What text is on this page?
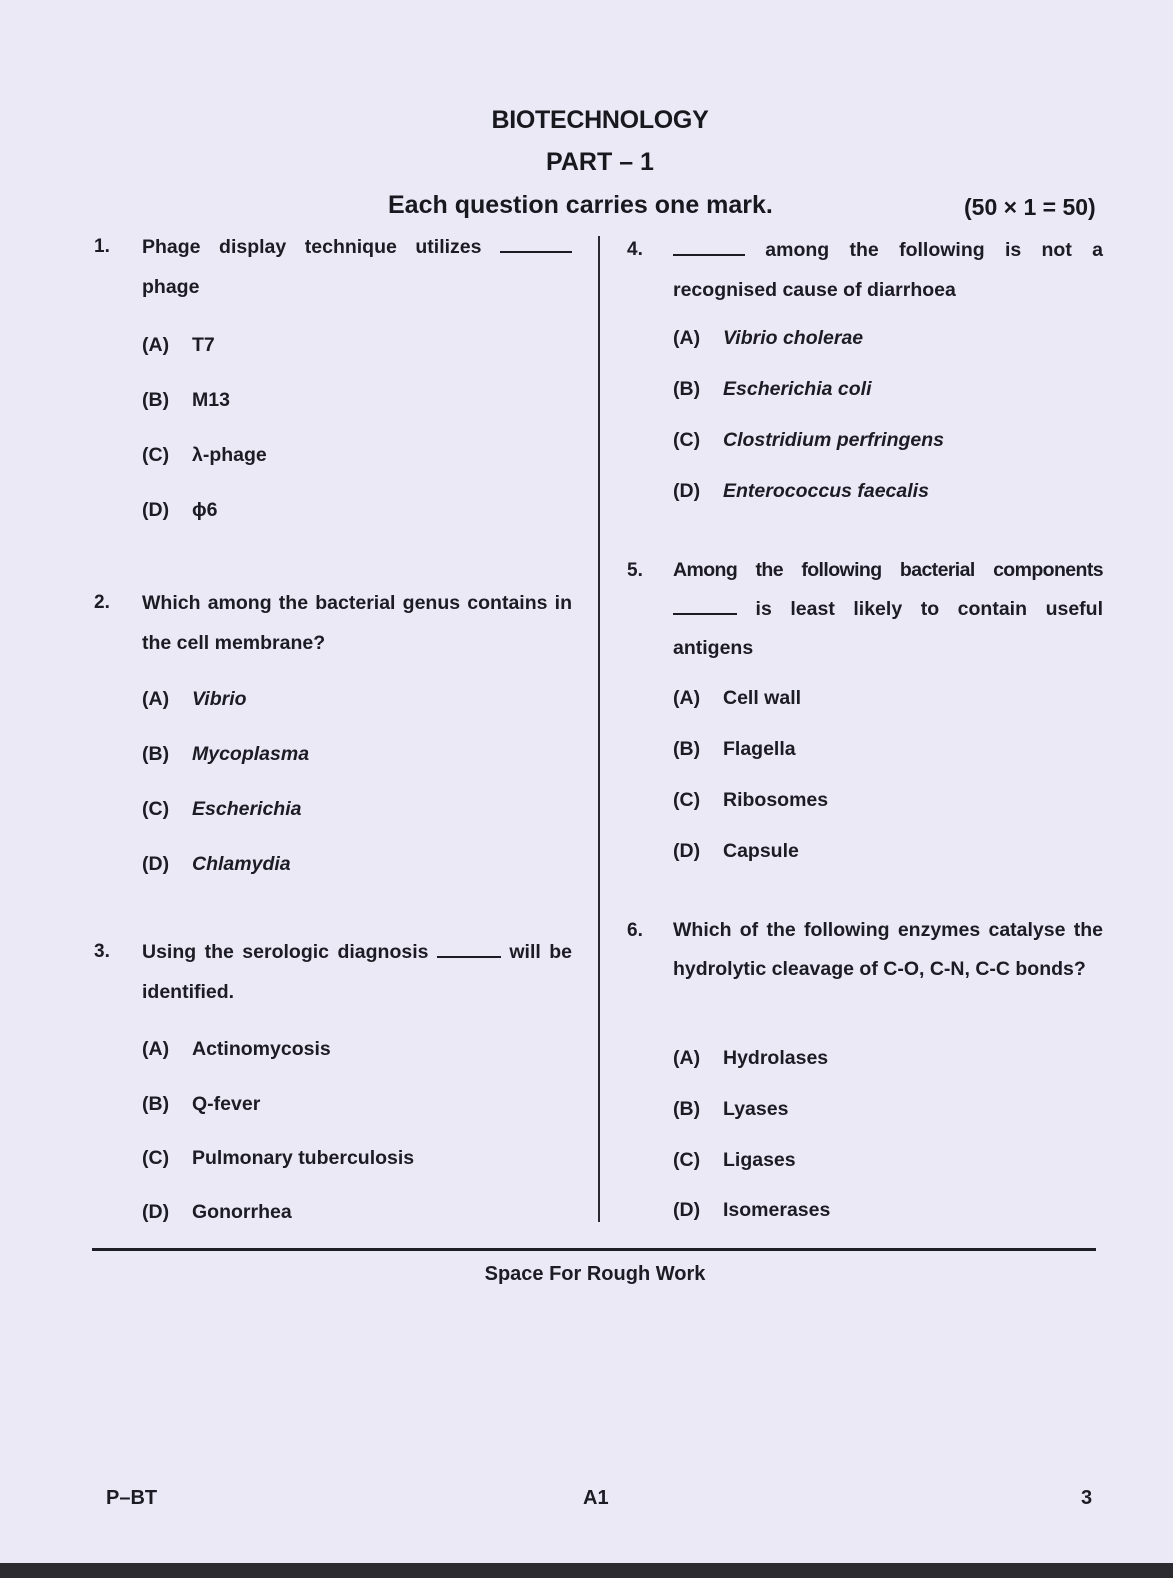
BIOTECHNOLOGY
PART – 1
Each question carries one mark.	(50 × 1 = 50)
1. Phage display technique utilizes  phage
(A) T7
(B) M13
(C) λ-phage
(D) ϕ6
2. Which among the bacterial genus contains in the cell membrane?
(A) Vibrio
(B) Mycoplasma
(C) Escherichia
(D) Chlamydia
3. Using the serologic diagnosis	will be identified.
(A) Actinomycosis
(B) Q-fever
(C) Pulmonary tuberculosis
(D) Gonorrhea
4.	among the following is not a recognised cause of diarrhoea
(A) Vibrio cholerae
(B) Escherichia coli
(C) Clostridium perfringens
(D) Enterococcus faecalis
5. Among the following bacterial components  is least likely to contain useful antigens
(A) Cell wall
(B) Flagella
(C) Ribosomes
(D) Capsule
6. Which of the following enzymes catalyse the hydrolytic cleavage of C-O, C-N, C-C bonds?
(A) Hydrolases
(B) Lyases
(C) Ligases
(D) Isomerases
Space For Rough Work
P–BT	A1	3
